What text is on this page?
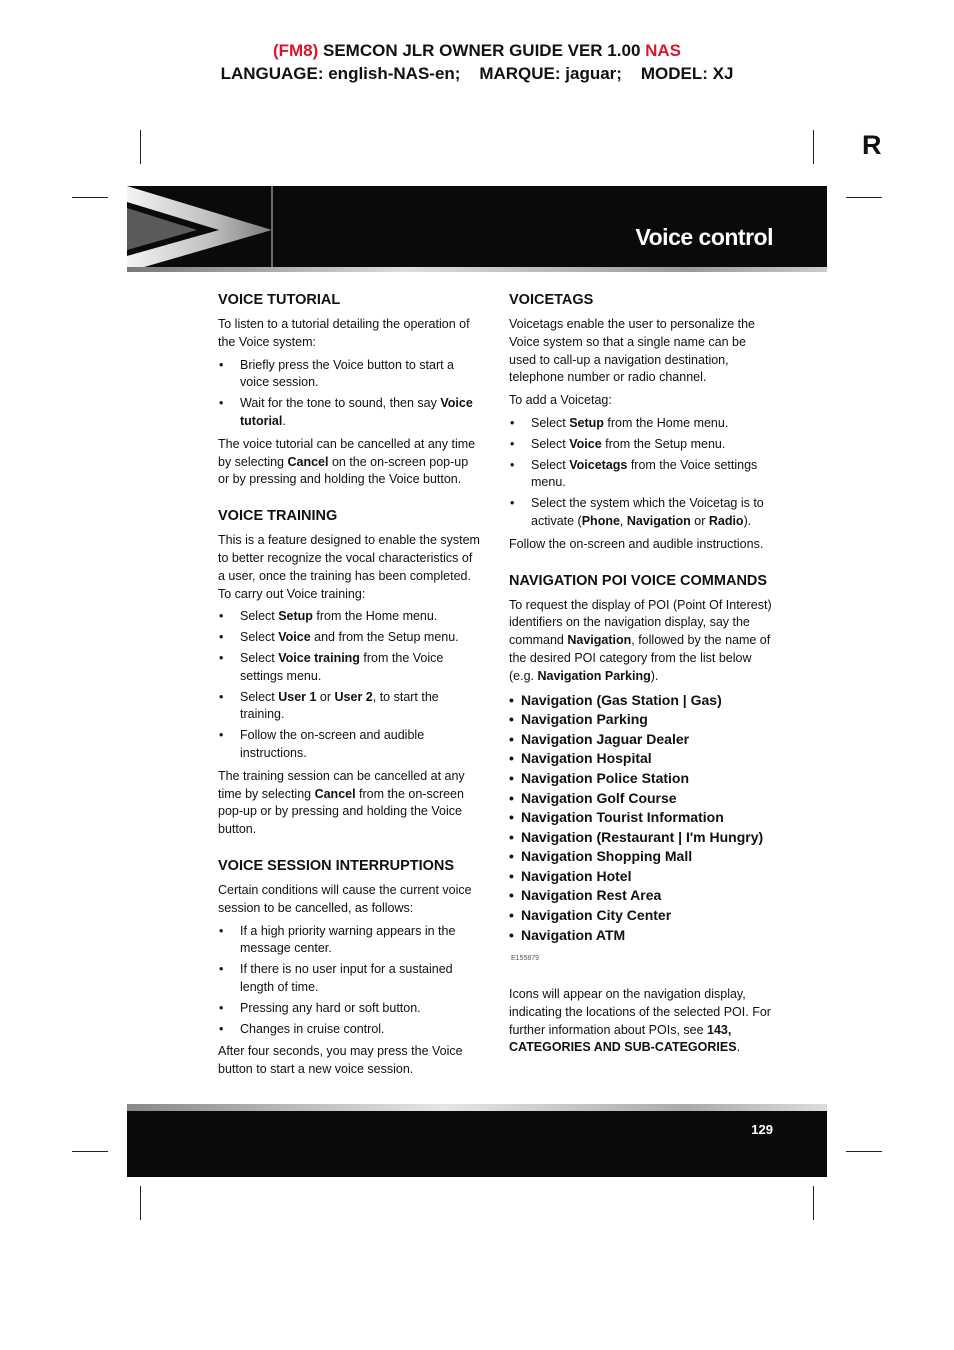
(FM8) SEMCON JLR OWNER GUIDE VER 1.00 NAS
LANGUAGE: english-NAS-en;    MARQUE: jaguar;    MODEL: XJ
R
Voice control
VOICE TUTORIAL

To listen to a tutorial detailing the operation of the Voice system:

• Briefly press the Voice button to start a voice session.
• Wait for the tone to sound, then say Voice tutorial.

The voice tutorial can be cancelled at any time by selecting Cancel on the on-screen pop-up or by pressing and holding the Voice button.

VOICE TRAINING

This is a feature designed to enable the system to better recognize the vocal characteristics of a user, once the training has been completed. To carry out Voice training:

• Select Setup from the Home menu.
• Select Voice and from the Setup menu.
• Select Voice training from the Voice settings menu.
• Select User 1 or User 2, to start the training.
• Follow the on-screen and audible instructions.

The training session can be cancelled at any time by selecting Cancel from the on-screen pop-up or by pressing and holding the Voice button.

VOICE SESSION INTERRUPTIONS

Certain conditions will cause the current voice session to be cancelled, as follows:

• If a high priority warning appears in the message center.
• If there is no user input for a sustained length of time.
• Pressing any hard or soft button.
• Changes in cruise control.

After four seconds, you may press the Voice button to start a new voice session.

VOICETAGS

Voicetags enable the user to personalize the Voice system so that a single name can be used to call-up a navigation destination, telephone number or radio channel.

To add a Voicetag:

• Select Setup from the Home menu.
• Select Voice from the Setup menu.
• Select Voicetags from the Voice settings menu.
• Select the system which the Voicetag is to activate (Phone, Navigation or Radio).

Follow the on-screen and audible instructions.

NAVIGATION POI VOICE COMMANDS

To request the display of POI (Point Of Interest) identifiers on the navigation display, say the command Navigation, followed by the name of the desired POI category from the list below (e.g. Navigation Parking).

• Navigation (Gas Station | Gas)
• Navigation Parking
• Navigation Jaguar Dealer
• Navigation Hospital
• Navigation Police Station
• Navigation Golf Course
• Navigation Tourist Information
• Navigation (Restaurant | I'm Hungry)
• Navigation Shopping Mall
• Navigation Hotel
• Navigation Rest Area
• Navigation City Center
• Navigation ATM
E155879

Icons will appear on the navigation display, indicating the locations of the selected POI. For further information about POIs, see 143, CATEGORIES AND SUB-CATEGORIES.

129
